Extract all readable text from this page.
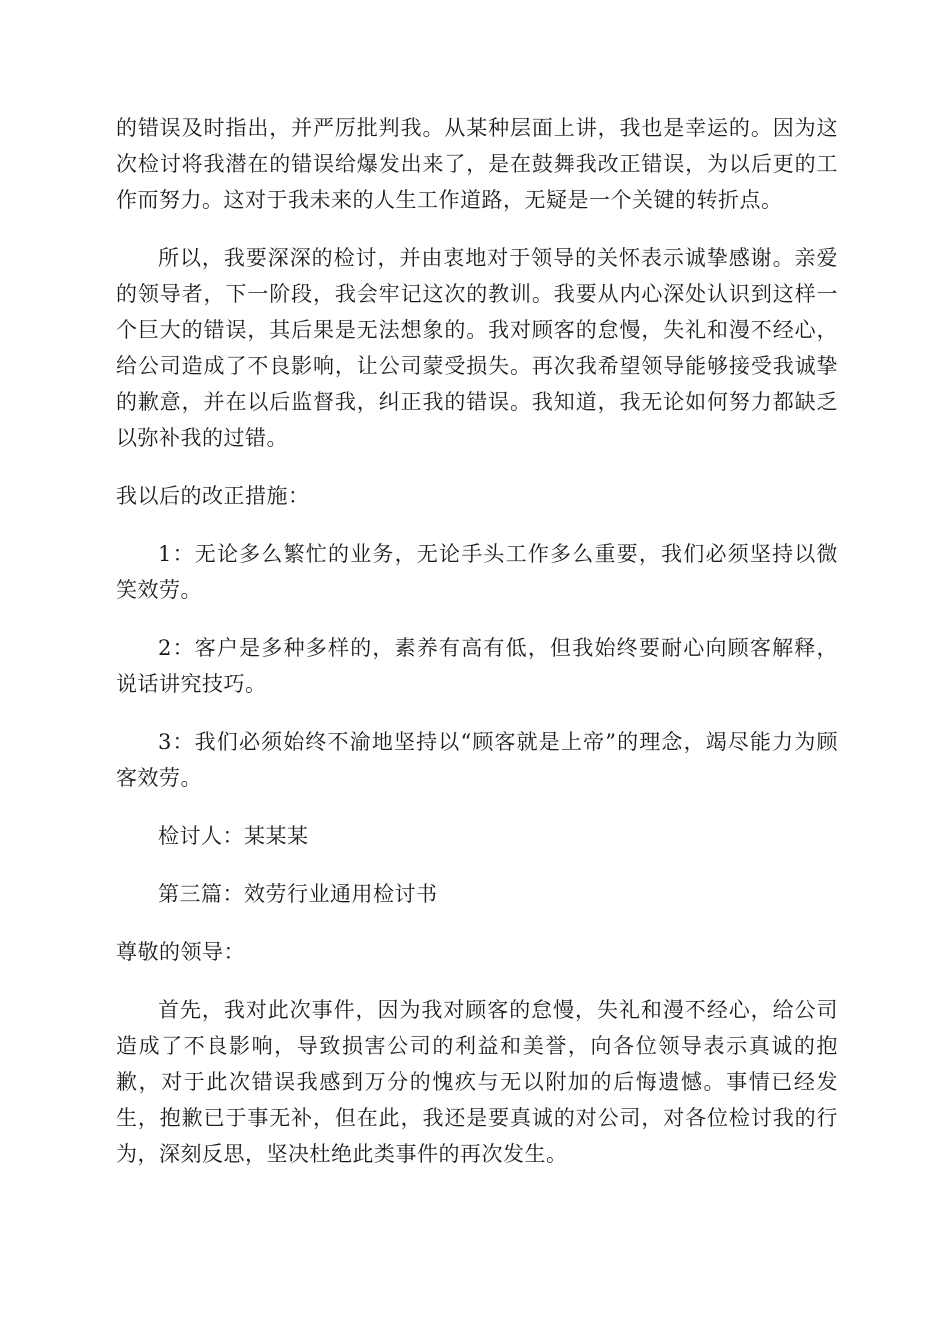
的错误及时指出，并严厉批判我。从某种层面上讲，我也是幸运的。因为这次检讨将我潜在的错误给爆发出来了，是在鼓舞我改正错误，为以后更的工作而努力。这对于我未来的人生工作道路，无疑是一个关键的转折点。

所以，我要深深的检讨，并由衷地对于领导的关怀表示诚挚感谢。亲爱的领导者，下一阶段，我会牢记这次的教训。我要从内心深处认识到这样一个巨大的错误，其后果是无法想象的。我对顾客的怠慢，失礼和漫不经心，给公司造成了不良影响，让公司蒙受损失。再次我希望领导能够接受我诚挚的歉意，并在以后监督我，纠正我的错误。我知道，我无论如何努力都缺乏以弥补我的过错。

我以后的改正措施：

1：无论多么繁忙的业务，无论手头工作多么重要，我们必须坚持以微笑效劳。

2：客户是多种多样的，素养有高有低，但我始终要耐心向顾客解释，说话讲究技巧。

3：我们必须始终不渝地坚持以“顾客就是上帝”的理念，竭尽能力为顾客效劳。

检讨人：某某某

第三篇：效劳行业通用检讨书

尊敬的领导：

首先，我对此次事件，因为我对顾客的怠慢，失礼和漫不经心，给公司造成了不良影响，导致损害公司的利益和美誉，向各位领导表示真诚的抱歉，对于此次错误我感到万分的愧疚与无以附加的后悔遗憾。事情已经发生，抱歉已于事无补，但在此，我还是要真诚的对公司，对各位检讨我的行为，深刻反思，坚决杜绝此类事件的再次发生。
